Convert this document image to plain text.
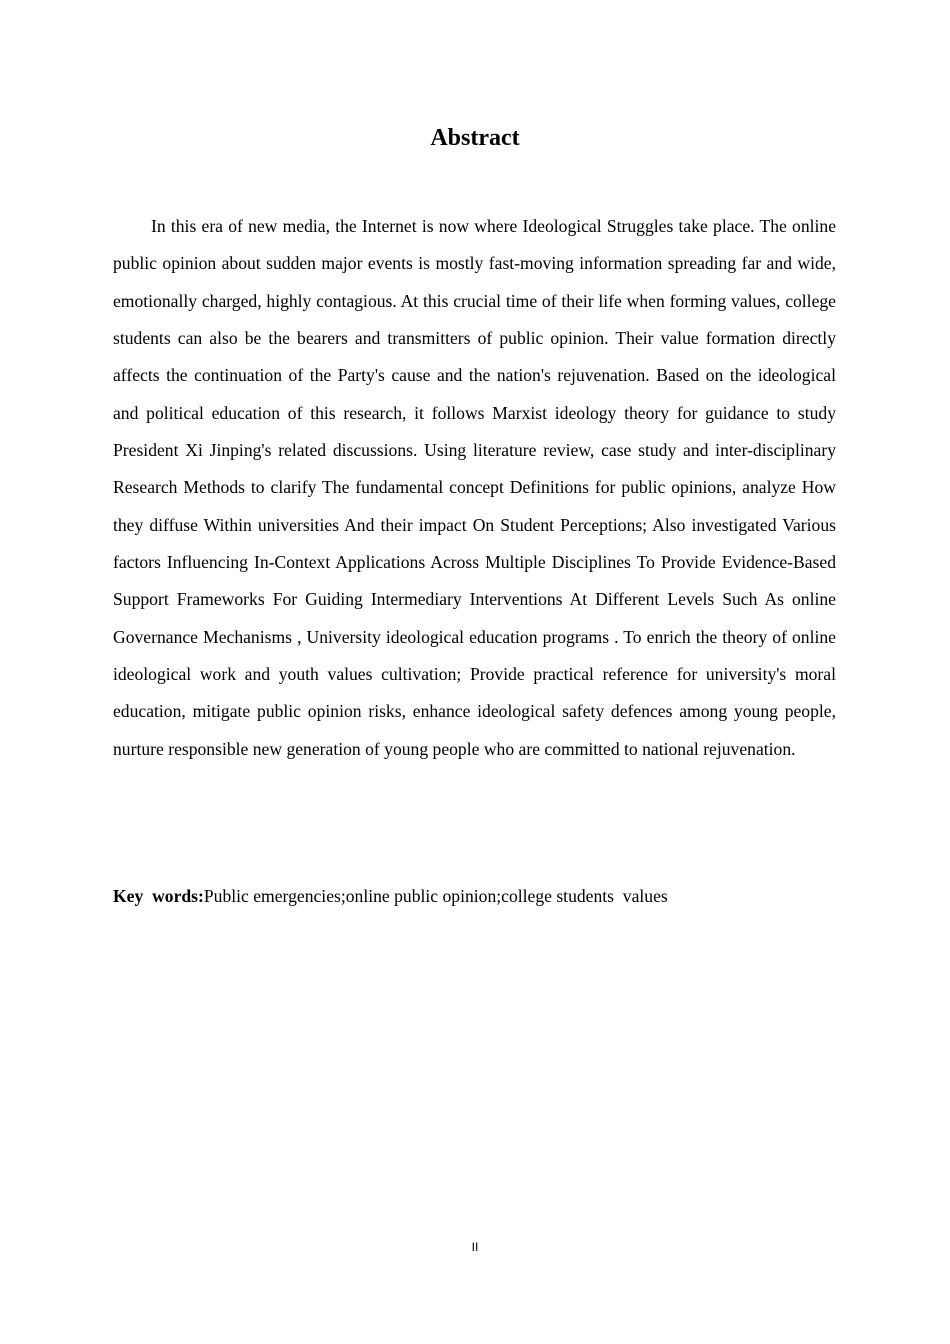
Abstract

In this era of new media, the Internet is now where Ideological Struggles take place. The online public opinion about sudden major events is mostly fast-moving information spreading far and wide, emotionally charged, highly contagious. At this crucial time of their life when forming values, college students can also be the bearers and transmitters of public opinion. Their value formation directly affects the continuation of the Party's cause and the nation's rejuvenation. Based on the ideological and political education of this research, it follows Marxist ideology theory for guidance to study President Xi Jinping's related discussions. Using literature review, case study and inter-disciplinary Research Methods to clarify The fundamental concept Definitions for public opinions, analyze How they diffuse Within universities And their impact On Student Perceptions; Also investigated Various factors Influencing In-Context Applications Across Multiple Disciplines To Provide Evidence-Based Support Frameworks For Guiding Intermediary Interventions At Different Levels Such As online Governance Mechanisms , University ideological education programs . To enrich the theory of online ideological work and youth values cultivation; Provide practical reference for university's moral education, mitigate public opinion risks, enhance ideological safety defences among young people, nurture responsible new generation of young people who are committed to national rejuvenation.

Key  words:Public emergencies;online public opinion;college students  values

II
